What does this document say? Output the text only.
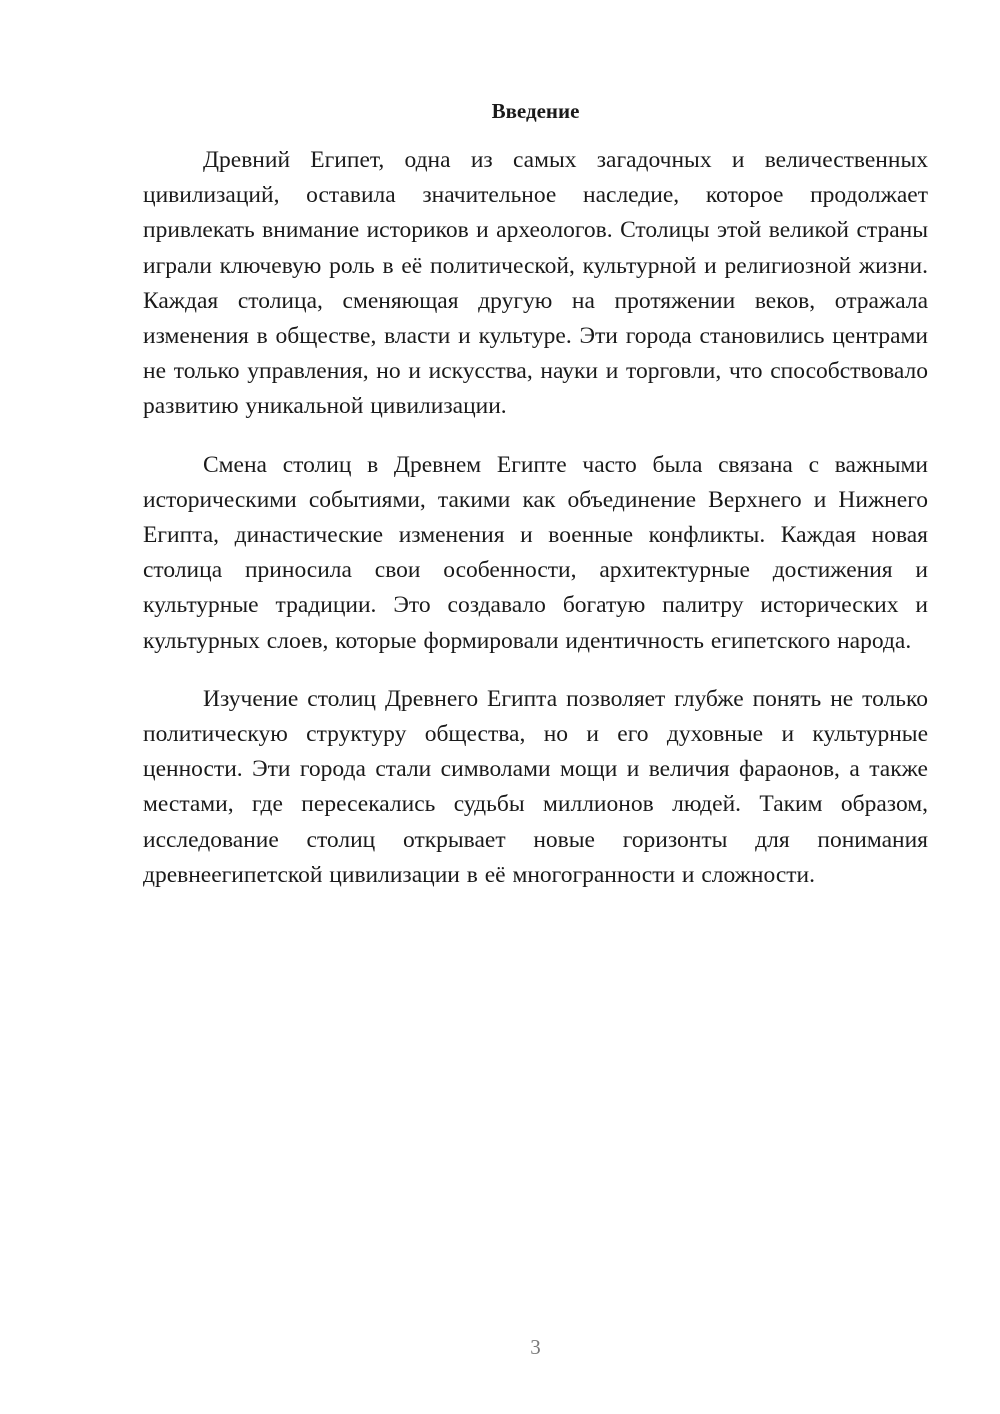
Введение

Древний Египет, одна из самых загадочных и величественных цивилизаций, оставила значительное наследие, которое продолжает привлекать внимание историков и археологов. Столицы этой великой страны играли ключевую роль в её политической, культурной и религиозной жизни. Каждая столица, сменяющая другую на протяжении веков, отражала изменения в обществе, власти и культуре. Эти города становились центрами не только управления, но и искусства, науки и торговли, что способствовало развитию уникальной цивилизации.

Смена столиц в Древнем Египте часто была связана с важными историческими событиями, такими как объединение Верхнего и Нижнего Египта, династические изменения и военные конфликты. Каждая новая столица приносила свои особенности, архитектурные достижения и культурные традиции. Это создавало богатую палитру исторических и культурных слоев, которые формировали идентичность египетского народа.

Изучение столиц Древнего Египта позволяет глубже понять не только политическую структуру общества, но и его духовные и культурные ценности. Эти города стали символами мощи и величия фараонов, а также местами, где пересекались судьбы миллионов людей. Таким образом, исследование столиц открывает новые горизонты для понимания древнеегипетской цивилизации в её многогранности и сложности.

3
